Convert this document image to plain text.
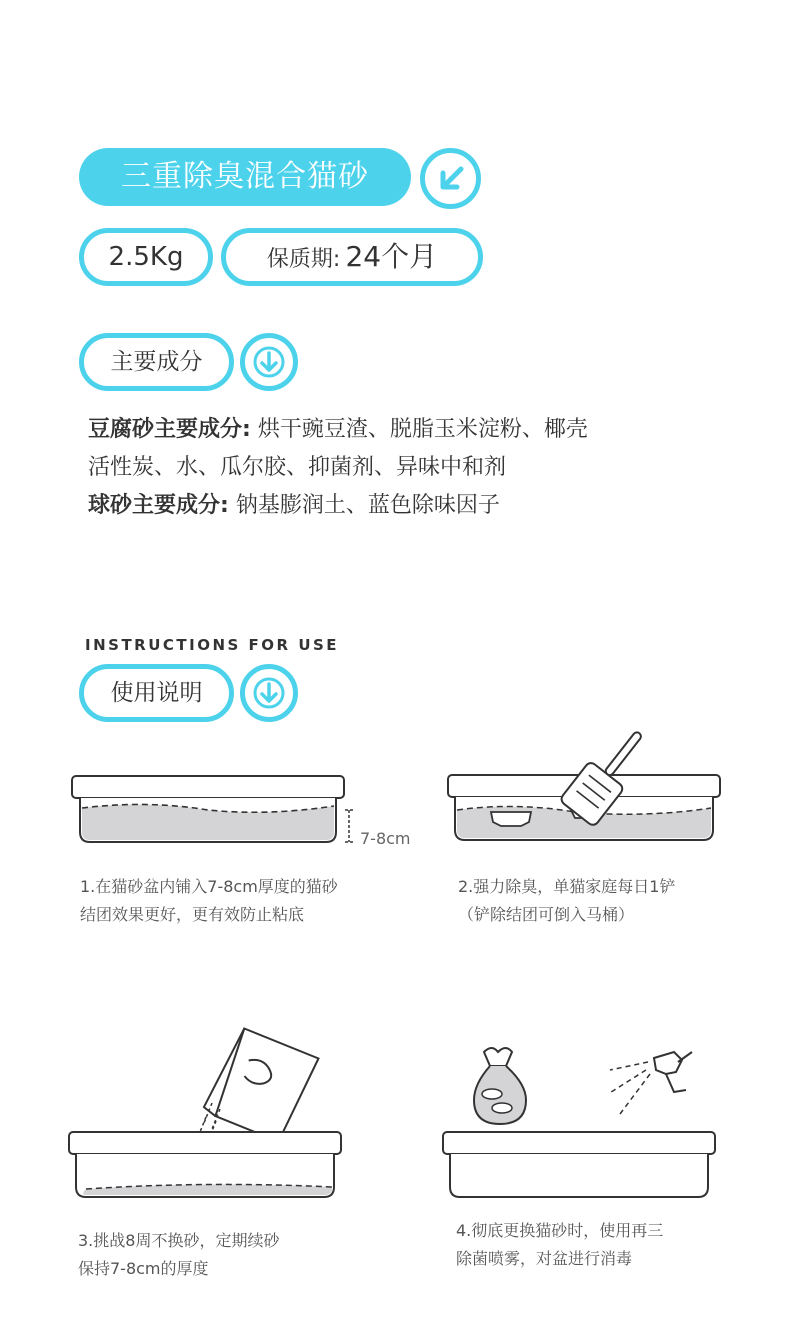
三重除臭混合猫砂
2.5Kg	保质期: 24个月
主要成分
豆腐砂主要成分: 烘干豌豆渣、脱脂玉米淀粉、椰壳
活性炭、水、瓜尔胶、抑菌剂、异味中和剂
球砂主要成分: 钠基膨润土、蓝色除味因子
INSTRUCTIONS FOR USE
使用说明
7-8cm
1.在猫砂盆内铺入7-8cm厚度的猫砂
结团效果更好，更有效防止粘底
2.强力除臭，单猫家庭每日1铲
（铲除结团可倒入马桶）
3.挑战8周不换砂，定期续砂
保持7-8cm的厚度
4.彻底更换猫砂时，使用再三
除菌喷雾，对盆进行消毒
